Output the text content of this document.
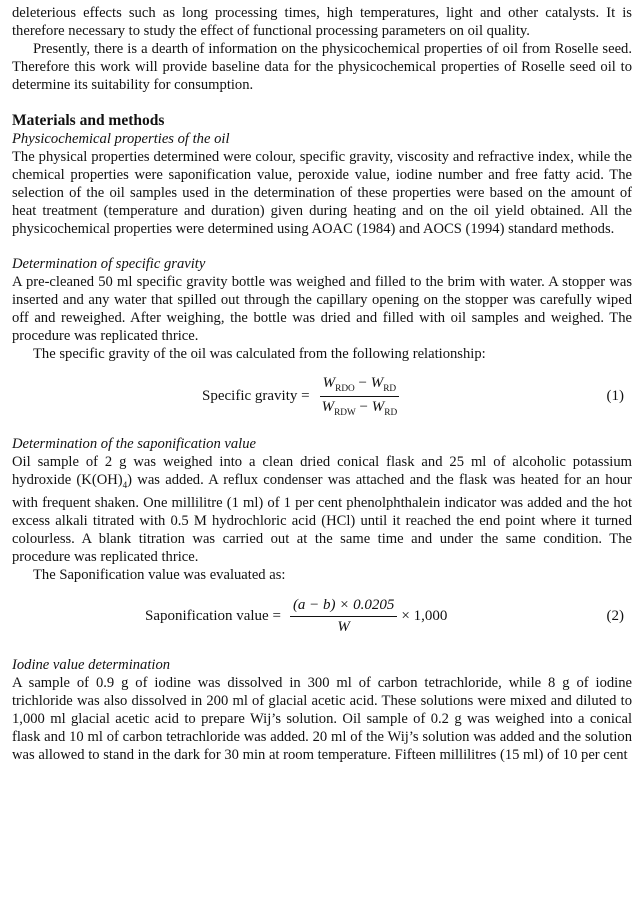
deleterious effects such as long processing times, high temperatures, light and other catalysts. It is therefore necessary to study the effect of functional processing parameters on oil quality.

Presently, there is a dearth of information on the physicochemical properties of oil from Roselle seed. Therefore this work will provide baseline data for the physicochemical properties of Roselle seed oil to determine its suitability for consumption.

Materials and methods
Physicochemical properties of the oil

The physical properties determined were colour, specific gravity, viscosity and refractive index, while the chemical properties were saponification value, peroxide value, iodine number and free fatty acid. The selection of the oil samples used in the determination of these properties were based on the amount of heat treatment (temperature and duration) given during heating and on the oil yield obtained. All the physicochemical properties were determined using AOAC (1984) and AOCS (1994) standard methods.

Determination of specific gravity

A pre-cleaned 50 ml specific gravity bottle was weighed and filled to the brim with water. A stopper was inserted and any water that spilled out through the capillary opening on the stopper was carefully wiped off and reweighed. After weighing, the bottle was dried and filled with oil samples and weighed. The procedure was replicated thrice.

The specific gravity of the oil was calculated from the following relationship:

Specific gravity = $\frac{W_{RDO} - W_{RD}}{W_{RDW} - W_{RD}}$	(1)
Determination of the saponification value

Oil sample of 2 g was weighed into a clean dried conical flask and 25 ml of alcoholic potassium hydroxide $(K(OH)_4)$ was added. A reflux condenser was attached and the flask was heated for an hour with frequent shaken. One millilitre (1 ml) of 1 per cent phenolphthalein indicator was added and the hot excess alkali titrated with 0.5 M hydrochloric acid (HCl) until it reached the end point where it turned colourless. A blank titration was carried out at the same time and under the same condition. The procedure was replicated thrice.

The Saponification value was evaluated as:

Saponification value = $\frac{(a - b) \times 0.0205}{W} \times 1,000$	(2)
Iodine value determination

A sample of 0.9 g of iodine was dissolved in 300 ml of carbon tetrachloride, while 8 g of iodine trichloride was also dissolved in 200 ml of glacial acetic acid. These solutions were mixed and diluted to 1,000 ml glacial acetic acid to prepare Wij’s solution. Oil sample of 0.2 g was weighed into a conical flask and 10 ml of carbon tetrachloride was added. 20 ml of the Wij’s solution was added and the solution was allowed to stand in the dark for 30 min at room temperature. Fifteen millilitres (15 ml) of 10 per cent
